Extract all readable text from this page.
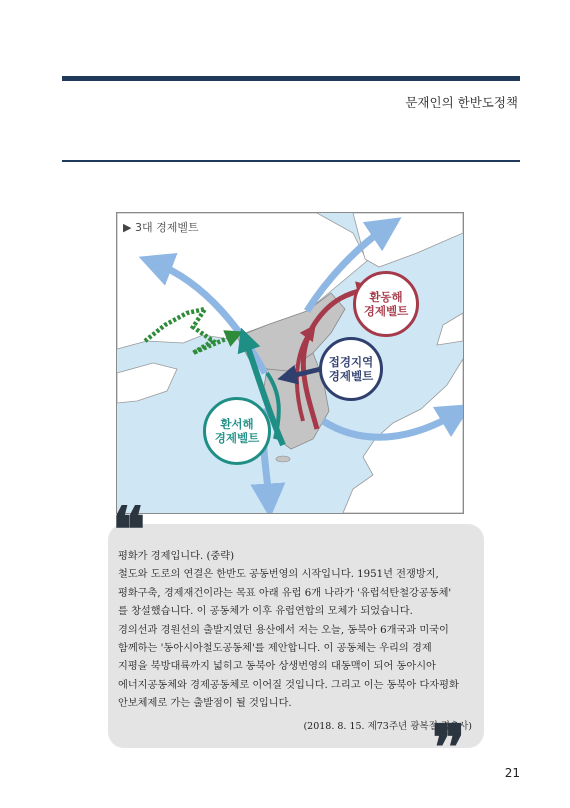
문재인의 한반도정책
▶ 3대 경제벨트
환동해
경제벨트
접경지역
경제벨트
환서해
경제벨트
❝

평화가 경제입니다. (중략)

철도와 도로의 연결은 한반도 공동번영의 시작입니다. 1951년 전쟁방지,

평화구축, 경제재건이라는 목표 아래 유럽 6개 나라가 '유럽석탄철강공동체'

를 창설했습니다. 이 공동체가 이후 유럽연합의 모체가 되었습니다.

경의선과 경원선의 출발지였던 용산에서 저는 오늘, 동북아 6개국과 미국이

함께하는 '동아시아철도공동체'를 제안합니다. 이 공동체는 우리의 경제

지평을 북방대륙까지 넓히고 동북아 상생번영의 대동맥이 되어 동아시아

에너지공동체와 경제공동체로 이어질 것입니다. 그리고 이는 동북아 다자평화

안보체제로 가는 출발점이 될 것입니다.

(2018. 8. 15. 제73주년 광복절 경축사)
❞	21
